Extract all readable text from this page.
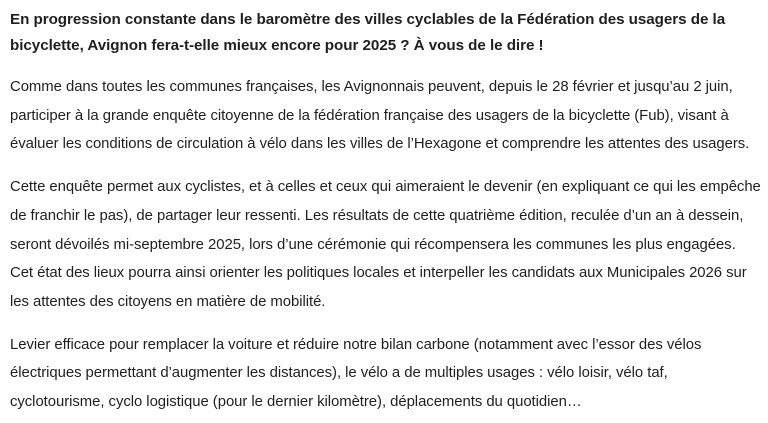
En progression constante dans le baromètre des villes cyclables de la Fédération des usagers de la bicyclette, Avignon fera-t-elle mieux encore pour 2025 ? À vous de le dire !

Comme dans toutes les communes françaises, les Avignonnais peuvent, depuis le 28 février et jusqu’au 2 juin, participer à la grande enquête citoyenne de la fédération française des usagers de la bicyclette (Fub), visant à évaluer les conditions de circulation à vélo dans les villes de l’Hexagone et comprendre les attentes des usagers.

Cette enquête permet aux cyclistes, et à celles et ceux qui aimeraient le devenir (en expliquant ce qui les empêche de franchir le pas), de partager leur ressenti. Les résultats de cette quatrième édition, reculée d’un an à dessein, seront dévoilés mi-septembre 2025, lors d’une cérémonie qui récompensera les communes les plus engagées. Cet état des lieux pourra ainsi orienter les politiques locales et interpeller les candidats aux Municipales 2026 sur les attentes des citoyens en matière de mobilité.

Levier efficace pour remplacer la voiture et réduire notre bilan carbone (notamment avec l’essor des vélos électriques permettant d’augmenter les distances), le vélo a de multiples usages : vélo loisir, vélo taf, cyclotourisme, cyclo logistique (pour le dernier kilomètre), déplacements du quotidien…
